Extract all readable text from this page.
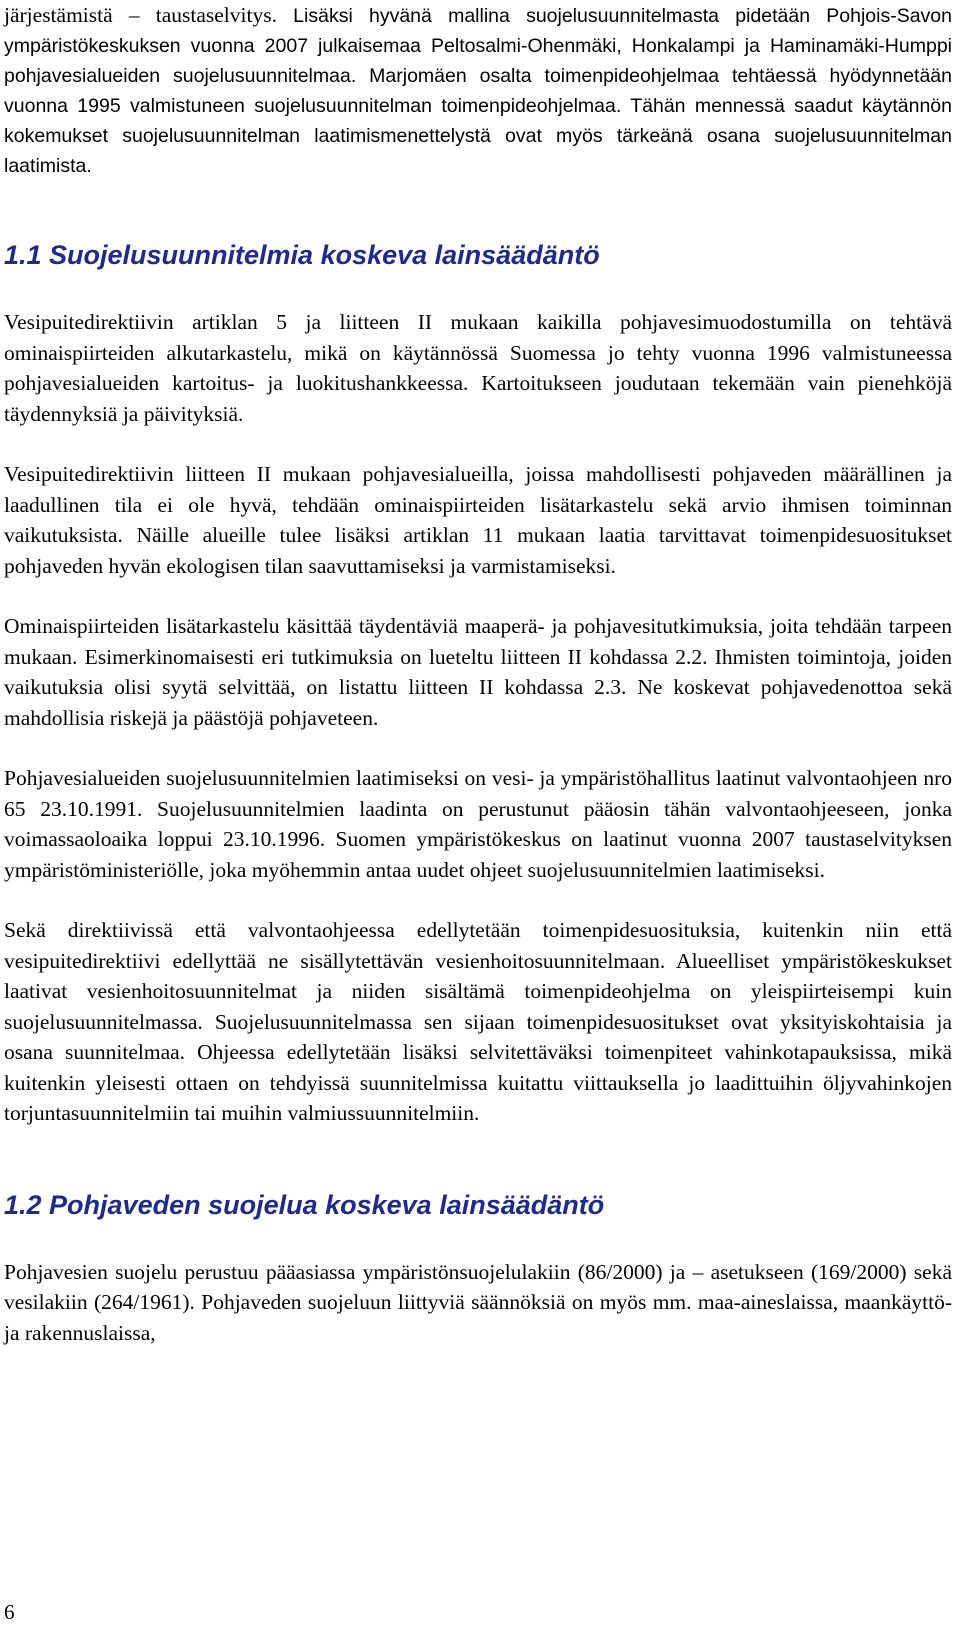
järjestämistä – taustaselvitys. Lisäksi hyvänä mallina suojelusuunnitelmasta pidetään Pohjois-Savon ympäristökeskuksen vuonna 2007 julkaisemaa Peltosalmi-Ohenmäki, Honkalampi ja Haminamäki-Humppi pohjavesialueiden suojelusuunnitelmaa. Marjomäen osalta toimenpideohjelmaa tehtäessä hyödynnetään vuonna 1995 valmistuneen suojelusuunnitelman toimenpideohjelmaa. Tähän mennessä saadut käytännön kokemukset suojelusuunnitelman laatimismenettelystä ovat myös tärkeänä osana suojelusuunnitelman laatimista.

1.1 Suojelusuunnitelmia koskeva lainsäädäntö

Vesipuitedirektiivin artiklan 5 ja liitteen II mukaan kaikilla pohjavesimuodostumilla on tehtävä ominaispiirteiden alkutarkastelu, mikä on käytännössä Suomessa jo tehty vuonna 1996 valmistuneessa pohjavesialueiden kartoitus- ja luokitushankkeessa. Kartoitukseen joudutaan tekemään vain pienehköjä täydennyksiä ja päivityksiä.

Vesipuitedirektiivin liitteen II mukaan pohjavesialueilla, joissa mahdollisesti pohjaveden määrällinen ja laadullinen tila ei ole hyvä, tehdään ominaispiirteiden lisätarkastelu sekä arvio ihmisen toiminnan vaikutuksista. Näille alueille tulee lisäksi artiklan 11 mukaan laatia tarvittavat toimenpidesuositukset pohjaveden hyvän ekologisen tilan saavuttamiseksi ja varmistamiseksi.

Ominaispiirteiden lisätarkastelu käsittää täydentäviä maaperä- ja pohjavesitutkimuksia, joita tehdään tarpeen mukaan. Esimerkinomaisesti eri tutkimuksia on lueteltu liitteen II kohdassa 2.2. Ihmisten toimintoja, joiden vaikutuksia olisi syytä selvittää, on listattu liitteen II kohdassa 2.3. Ne koskevat pohjavedenottoa sekä mahdollisia riskejä ja päästöjä pohjaveteen.

Pohjavesialueiden suojelusuunnitelmien laatimiseksi on vesi- ja ympäristöhallitus laatinut valvontaohjeen nro 65 23.10.1991. Suojelusuunnitelmien laadinta on perustunut pääosin tähän valvontaohjeeseen, jonka voimassaoloaika loppui 23.10.1996. Suomen ympäristökeskus on laatinut vuonna 2007 taustaselvityksen ympäristöministeriölle, joka myöhemmin antaa uudet ohjeet suojelusuunnitelmien laatimiseksi.

Sekä direktiivissä että valvontaohjeessa edellytetään toimenpidesuosituksia, kuitenkin niin että vesipuitedirektiivi edellyttää ne sisällytettävän vesienhoitosuunnitelmaan. Alueelliset ympäristökeskukset laativat vesienhoitosuunnitelmat ja niiden sisältämä toimenpideohjelma on yleispiirteisempi kuin suojelusuunnitelmassa. Suojelusuunnitelmassa sen sijaan toimenpidesuositukset ovat yksityiskohtaisia ja osana suunnitelmaa. Ohjeessa edellytetään lisäksi selvitettäväksi toimenpiteet vahinkotapauksissa, mikä kuitenkin yleisesti ottaen on tehdyissä suunnitelmissa kuitattu viittauksella jo laadittuihin öljyvahinkojen torjuntasuunnitelmiin tai muihin valmiussuunnitelmiin.

1.2 Pohjaveden suojelua koskeva lainsäädäntö

Pohjavesien suojelu perustuu pääasiassa ympäristönsuojelulakiin (86/2000) ja – asetukseen (169/2000) sekä vesilakiin (264/1961). Pohjaveden suojeluun liittyviä säännöksiä on myös mm. maa-aineslaissa, maankäyttö- ja rakennuslaissa,

6
